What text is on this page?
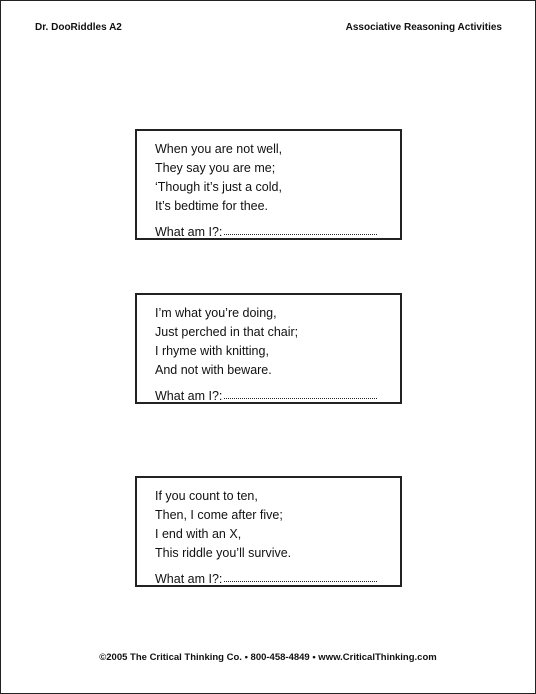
Dr. DooRiddles A2	Associative Reasoning Activities
When you are not well,
They say you are me;
‘Though it’s just a cold,
It’s bedtime for thee.
What am I?:
I’m what you’re doing,
Just perched in that chair;
I rhyme with knitting,
And not with beware.
What am I?:
If you count to ten,
Then, I come after five;
I end with an X,
This riddle you’ll survive.
What am I?:
©2005 The Critical Thinking Co. • 800-458-4849 • www.CriticalThinking.com
